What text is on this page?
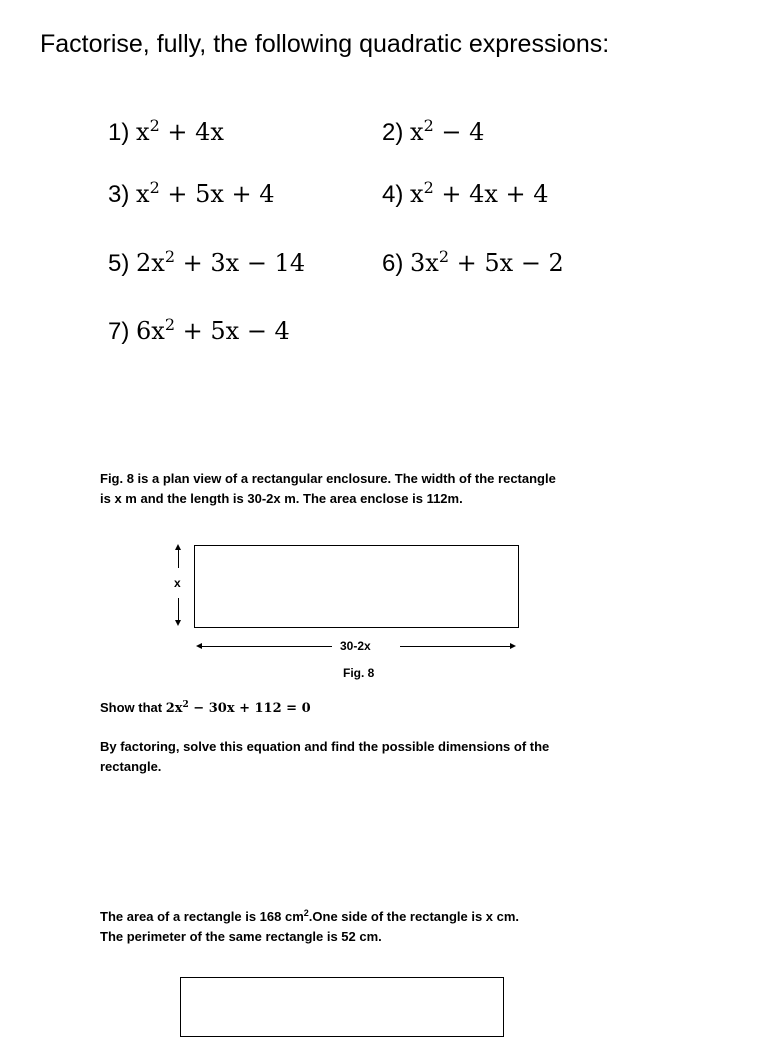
Factorise, fully, the following quadratic expressions:
1) $x^2 + 4x$	2) $x^2 - 4$
3) $x^2 + 5x + 4$	4) $x^2 + 4x + 4$
5) $2x^2 + 3x - 14$	6) $3x^2 + 5x - 2$
7) $6x^2 + 5x - 4$
Fig. 8 is a plan view of a rectangular enclosure. The width of the rectangle
is x m and the length is 30-2x m. The area enclose is 112m.
x
30-2x
Fig. 8
Show that $2x^2 - 30x + 112 = 0$
By factoring, solve this equation and find the possible dimensions of the
rectangle.
The area of a rectangle is 168 $cm^2.One$ side of the rectangle is x cm.
The perimeter of the same rectangle is 52 cm.
